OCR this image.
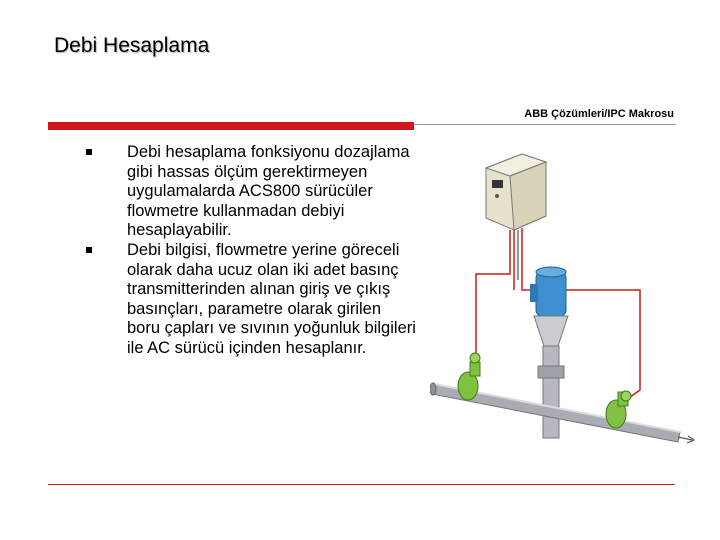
Debi Hesaplama
ABB Çözümleri/IPC Makrosu
Debi hesaplama fonksiyonu dozajlama gibi hassas ölçüm gerektirmeyen uygulamalarda ACS800 sürücüler flowmetre kullanmadan debiyi hesaplayabilir.
Debi bilgisi, flowmetre yerine göreceli olarak daha ucuz olan iki adet basınç transmitterinden alınan giriş ve çıkış basınçları, parametre olarak girilen boru çapları ve sıvının yoğunluk bilgileri ile AC sürücü içinden hesaplanır.
